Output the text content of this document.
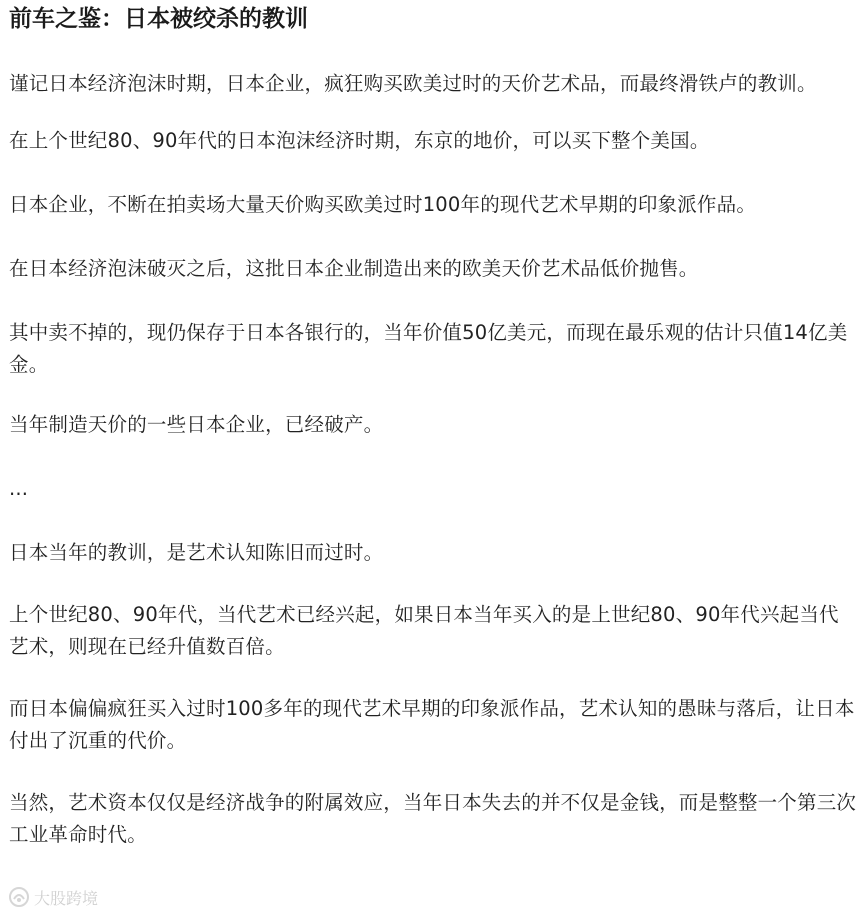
前车之鉴：日本被绞杀的教训

谨记日本经济泡沫时期，日本企业，疯狂购买欧美过时的天价艺术品，而最终滑铁卢的教训。

在上个世纪80、90年代的日本泡沫经济时期，东京的地价，可以买下整个美国。

日本企业，不断在拍卖场大量天价购买欧美过时100年的现代艺术早期的印象派作品。

在日本经济泡沫破灭之后，这批日本企业制造出来的欧美天价艺术品低价抛售。

其中卖不掉的，现仍保存于日本各银行的，当年价值50亿美元，而现在最乐观的估计只值14亿美金。

当年制造天价的一些日本企业，已经破产。

...

日本当年的教训，是艺术认知陈旧而过时。

上个世纪80、90年代，当代艺术已经兴起，如果日本当年买入的是上世纪80、90年代兴起当代艺术，则现在已经升值数百倍。

而日本偏偏疯狂买入过时100多年的现代艺术早期的印象派作品，艺术认知的愚昧与落后，让日本付出了沉重的代价。

当然，艺术资本仅仅是经济战争的附属效应，当年日本失去的并不仅是金钱，而是整整一个第三次工业革命时代。

大股跨境
